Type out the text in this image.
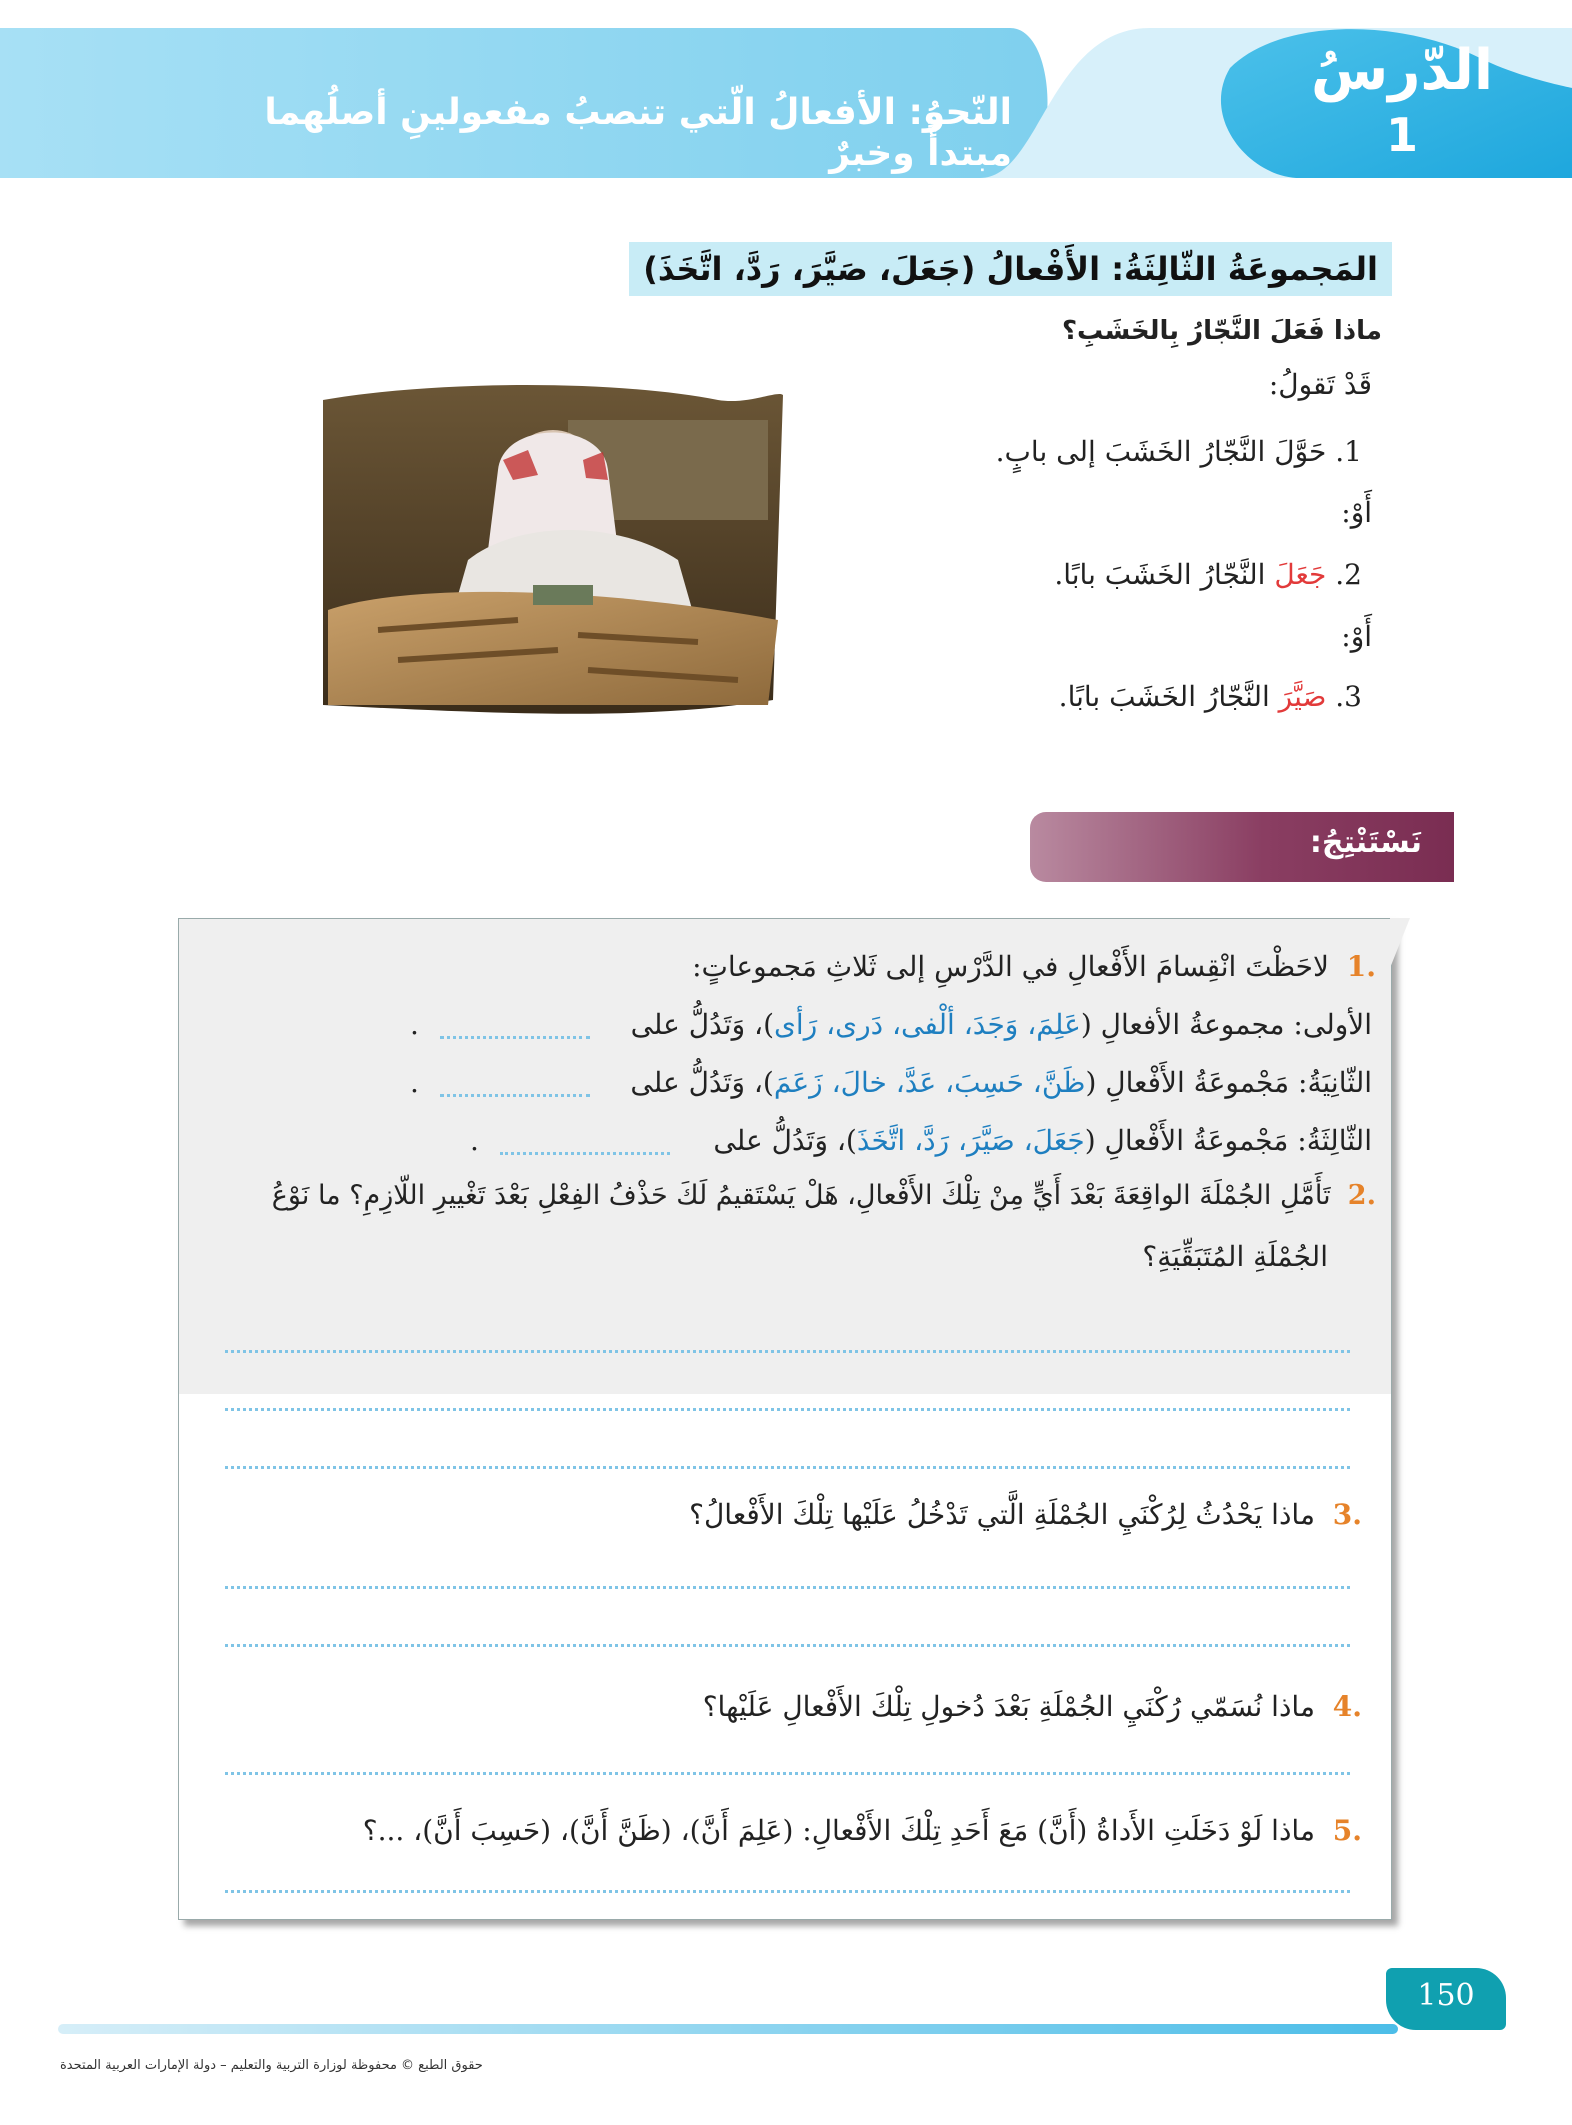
النّحوُ: الأفعالُ الّتي تنصبُ مفعولينِ أصلُهما مبتدأً وخبرٌ
الدّرسُ
1
المَجموعَةُ الثّالِثَةُ: الأَفْعالُ (جَعَلَ، صَيَّرَ، رَدَّ، اتَّخَذَ)
ماذا فَعَلَ النَّجّارُ بِالخَشَبِ؟
قَدْ تَقولُ:
1. حَوَّلَ النَّجّارُ الخَشَبَ إلى بابٍ.
أَوْ:
2. جَعَلَ النَّجّارُ الخَشَبَ بابًا.
أَوْ:
3. صَيَّرَ النَّجّارُ الخَشَبَ بابًا.
نَسْتَنْتِجُ:
.1  لاحَظْتَ انْقِسامَ الأَفْعالِ في الدَّرْسِ إلى ثَلاثِ مَجموعاتٍ:
الأولى: مجموعةُ الأفعالِ (عَلِمَ، وَجَدَ، ألْفى، دَرى، رَأى)، وَتَدُلُّ على
.
الثّانِيَةُ: مَجْموعَةُ الأَفْعالِ (ظَنَّ، حَسِبَ، عَدَّ، خالَ، زَعَمَ)، وَتَدُلُّ على
.
الثّالِثَةُ: مَجْموعَةُ الأَفْعالِ (جَعَلَ، صَيَّرَ، رَدَّ، اتَّخَذَ)، وَتَدُلُّ على
.
.2  تَأَمَّلِ الجُمْلَةَ الواقِعَةَ بَعْدَ أَيٍّ مِنْ تِلْكَ الأَفْعالِ، هَلْ يَسْتَقيمُ لَكَ حَذْفُ الفِعْلِ بَعْدَ تَغْييرِ اللّازِمِ؟ ما نَوْعُ
الجُمْلَةِ المُتَبَقِّيَةِ؟
.3  ماذا يَحْدُثُ لِرُكْنَيِ الجُمْلَةِ الَّتي تَدْخُلُ عَلَيْها تِلْكَ الأَفْعالُ؟
.4  ماذا نُسَمّي رُكْنَيِ الجُمْلَةِ بَعْدَ دُخولِ تِلْكَ الأَفْعالِ عَلَيْها؟
.5  ماذا لَوْ دَخَلَتِ الأَداةُ (أَنَّ) مَعَ أَحَدِ تِلْكَ الأَفْعالِ: (عَلِمَ أَنَّ)، (ظَنَّ أَنَّ)، (حَسِبَ أَنَّ)، ...؟
150
حقوق الطبع © محفوظة لوزارة التربية والتعليم – دولة الإمارات العربية المتحدة
